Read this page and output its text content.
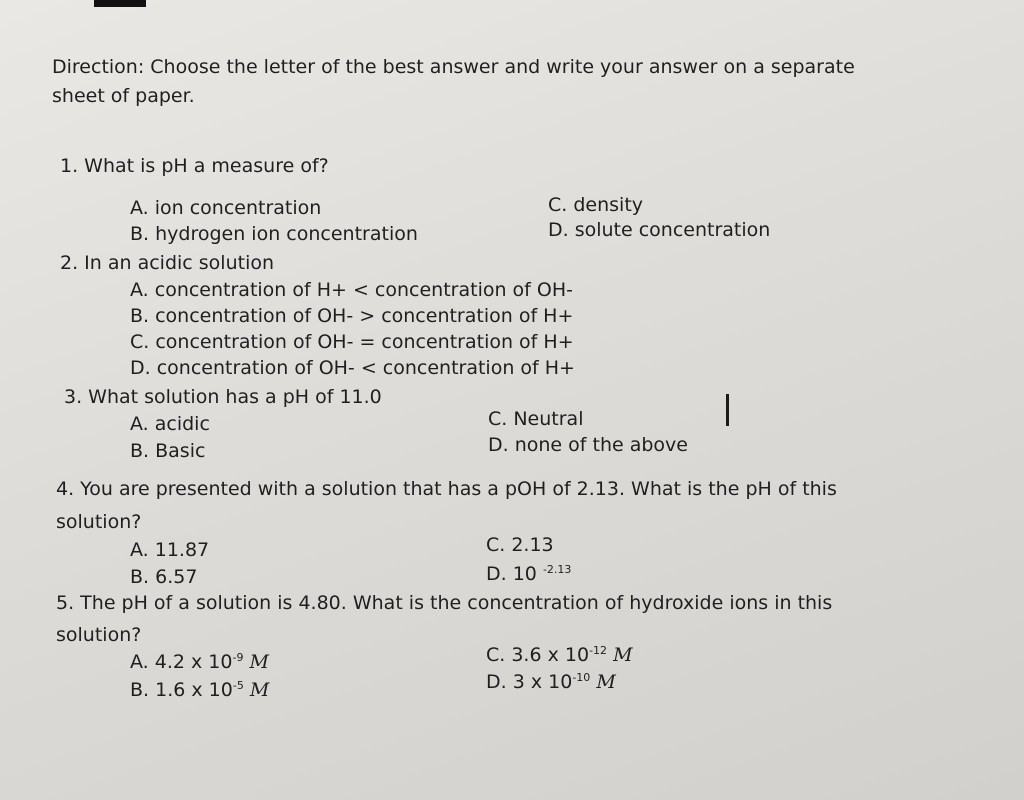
Direction: Choose the letter of the best answer and write your answer on a separate
sheet of paper.
1. What is pH a measure of?
A. ion concentration
B. hydrogen ion concentration
C. density
D. solute concentration
2. In an acidic solution
A. concentration of H+ < concentration of OH-
B. concentration of OH- > concentration of H+
C. concentration of OH- = concentration of H+
D. concentration of OH- < concentration of H+
3. What solution has a pH of 11.0
A. acidic
B. Basic
C. Neutral
D. none of the above
4. You are presented with a solution that has a pOH of 2.13. What is the pH of this
solution?
A. 11.87
B. 6.57
C. 2.13
D. 10 $^{-2.13}$
5. The pH of a solution is 4.80. What is the concentration of hydroxide ions in this
solution?
A. 4.2 x $10^{-9}$ M
B. 1.6 x $10^{-5}$ M
C. 3.6 x $10^{-12}$ M
D. 3 x $10^{-10}$ M
